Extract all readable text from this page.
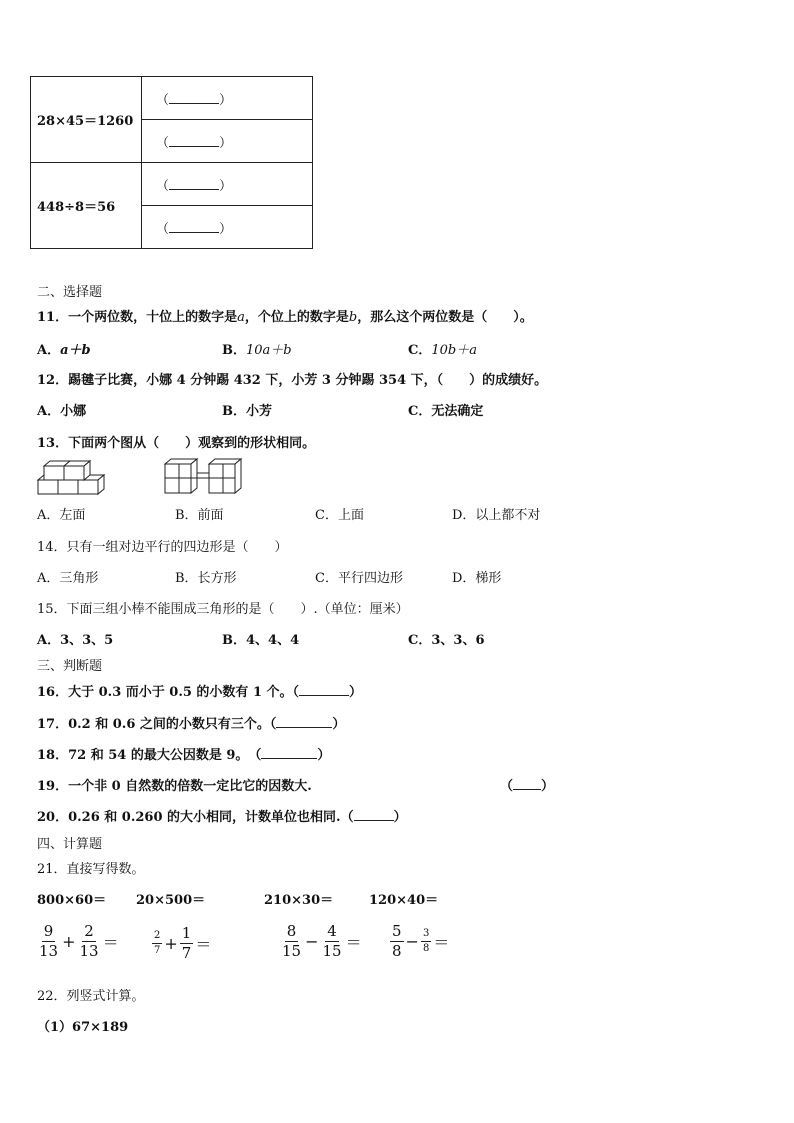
28×45＝1260	（ ）
	（ ）
448÷8＝56	（ ）
	（ ）
二、选择题
11．一个两位数，十位上的数字是a，个位上的数字是b，那么这个两位数是（　　）。
A．a＋b	B．10a＋b	C．10b＋a
12．踢毽子比赛，小娜 4 分钟踢 432 下，小芳 3 分钟踢 354 下，（　　）的成绩好。
A．小娜	B．小芳	C．无法确定
13．下面两个图从（　　）观察到的形状相同。
A．左面	B．前面	C．上面	D．以上都不对
14．只有一组对边平行的四边形是（　　）
A．三角形	B．长方形	C．平行四边形	D．梯形
15．下面三组小棒不能围成三角形的是（　　）.（单位：厘米）
A．3、3、5	B．4、4、4	C．3、3、6
三、判断题
16．大于 0.3 而小于 0.5 的小数有 1 个。（	）
17．0.2 和 0.6 之间的小数只有三个。（	）
18．72 和 54 的最大公因数是 9。　（	）
19．一个非 0 自然数的倍数一定比它的因数大.	（ ）
20．0.26 和 0.260 的大小相同，计数单位也相同.（	）
四、计算题
21．直接写得数。
800×60＝ 20×500＝	210×30＝	120×40＝
$\frac{9}{13} + \frac{2}{13}$ ＝	$\frac{2}{7} + \frac{1}{7}$ ＝	$\frac{8}{15} - \frac{4}{15} = \frac{5}{8} - \frac{3}{8}$ ＝
22．列竖式计算。
（1）67×189
